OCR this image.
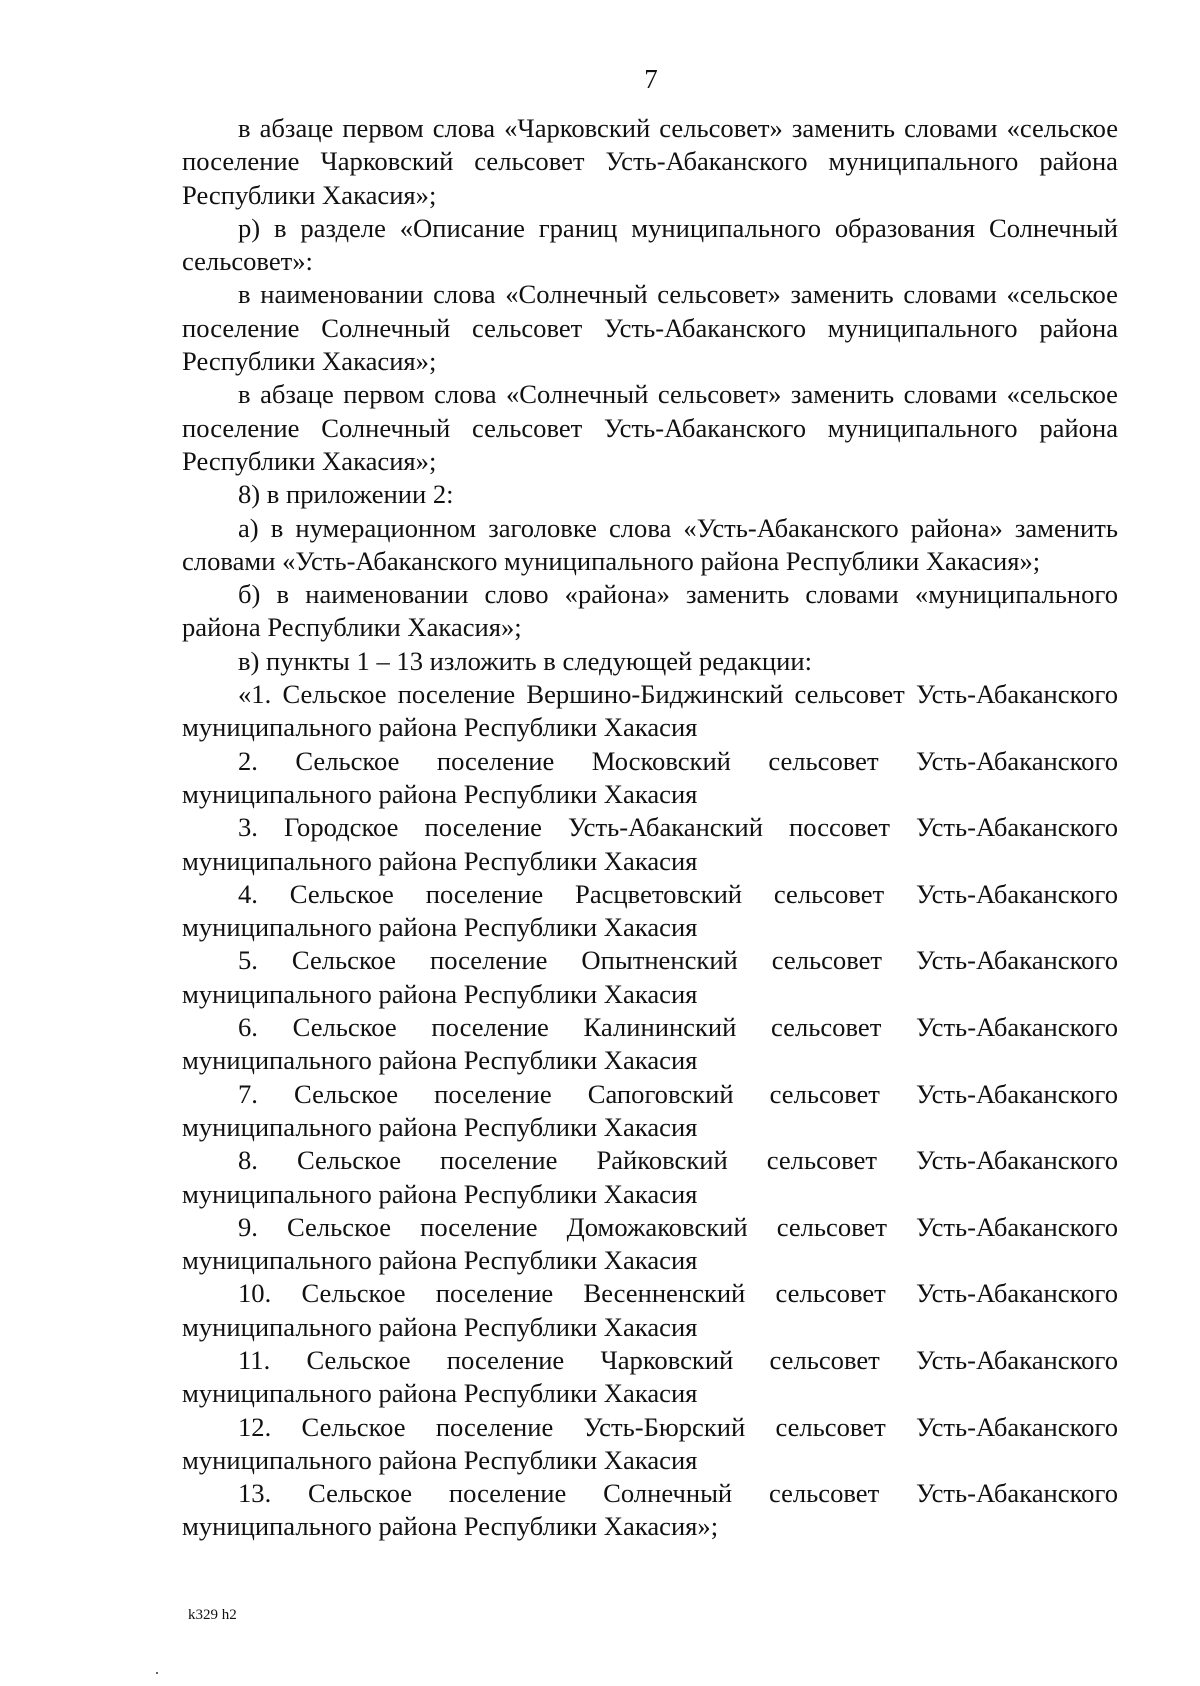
7

в абзаце первом слова «Чарковский сельсовет» заменить словами «сельское поселение Чарковский сельсовет Усть-Абаканского муниципального района Республики Хакасия»;

р) в разделе «Описание границ муниципального образования Солнечный сельсовет»:

в наименовании слова «Солнечный сельсовет» заменить словами «сельское поселение Солнечный сельсовет Усть-Абаканского муниципального района Республики Хакасия»;

в абзаце первом слова «Солнечный сельсовет» заменить словами «сельское поселение Солнечный сельсовет Усть-Абаканского муниципального района Республики Хакасия»;

8) в приложении 2:

а) в нумерационном заголовке слова «Усть-Абаканского района» заменить словами «Усть-Абаканского муниципального района Республики Хакасия»;

б) в наименовании слово «района» заменить словами «муниципального района Республики Хакасия»;

в) пункты 1 – 13 изложить в следующей редакции:

«1. Сельское поселение Вершино-Биджинский сельсовет Усть-Абаканского муниципального района Республики Хакасия

2. Сельское поселение Московский сельсовет Усть-Абаканского муниципального района Республики Хакасия

3. Городское поселение Усть-Абаканский поссовет Усть-Абаканского муниципального района Республики Хакасия

4. Сельское поселение Расцветовский сельсовет Усть-Абаканского муниципального района Республики Хакасия

5. Сельское поселение Опытненский сельсовет Усть-Абаканского муниципального района Республики Хакасия

6. Сельское поселение Калининский сельсовет Усть-Абаканского муниципального района Республики Хакасия

7. Сельское поселение Сапоговский сельсовет Усть-Абаканского муниципального района Республики Хакасия

8. Сельское поселение Райковский сельсовет Усть-Абаканского муниципального района Республики Хакасия

9. Сельское поселение Доможаковский сельсовет Усть-Абаканского муниципального района Республики Хакасия

10. Сельское поселение Весенненский сельсовет Усть-Абаканского муниципального района Республики Хакасия

11. Сельское поселение Чарковский сельсовет Усть-Абаканского муниципального района Республики Хакасия

12. Сельское поселение Усть-Бюрский сельсовет Усть-Абаканского муниципального района Республики Хакасия

13. Сельское поселение Солнечный сельсовет Усть-Абаканского муниципального района Республики Хакасия»;

k329 h2
